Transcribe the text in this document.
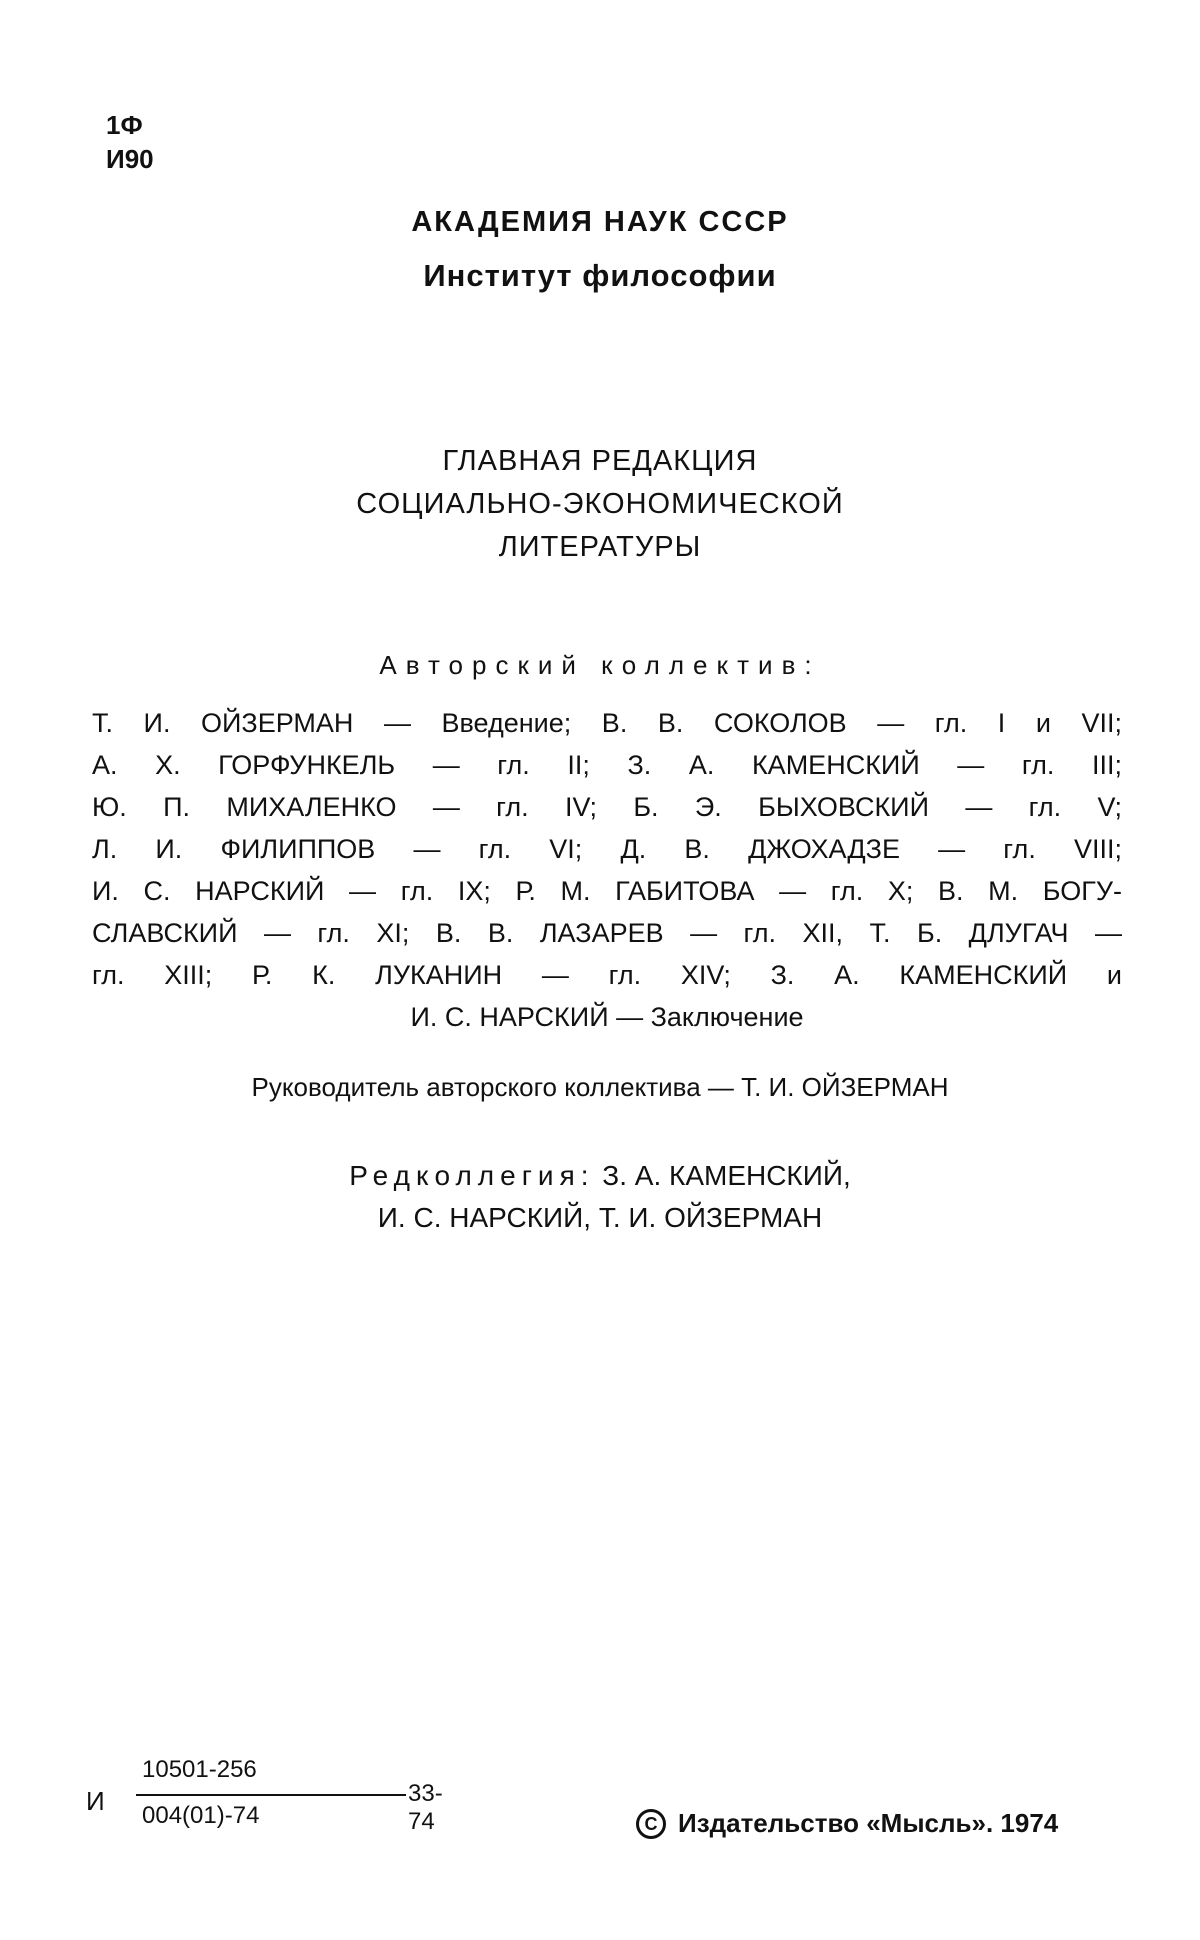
1Ф
И90
АКАДЕМИЯ НАУК СССР
Институт философии
ГЛАВНАЯ РЕДАКЦИЯ
СОЦИАЛЬНО-ЭКОНОМИЧЕСКОЙ
ЛИТЕРАТУРЫ
Авторский коллектив:
Т. И. ОЙЗЕРМАН — Введение; В. В. СОКОЛОВ — гл. I и VII;
А. Х. ГОРФУНКЕЛЬ — гл. II; З. А. КАМЕНСКИЙ — гл. III;
Ю. П. МИХАЛЕНКО — гл. IV; Б. Э. БЫХОВСКИЙ — гл. V;
Л. И. ФИЛИППОВ — гл. VI; Д. В. ДЖОХАДЗЕ — гл. VIII;
И. С. НАРСКИЙ — гл. IX; Р. М. ГАБИТОВА — гл. X; В. М. БОГУ-
СЛАВСКИЙ — гл. XI; В. В. ЛАЗАРЕВ — гл. XII, Т. Б. ДЛУГАЧ —
гл. XIII; Р. К. ЛУКАНИН — гл. XIV; З. А. КАМЕНСКИЙ и
И. С. НАРСКИЙ — Заключение
Руководитель авторского коллектива — Т. И. ОЙЗЕРМАН
Редколлегия: З. А. КАМЕНСКИЙ,
И. С. НАРСКИЙ, Т. И. ОЙЗЕРМАН
И
10501-256
004(01)-74
33-74	C Издательство «Мысль». 1974
